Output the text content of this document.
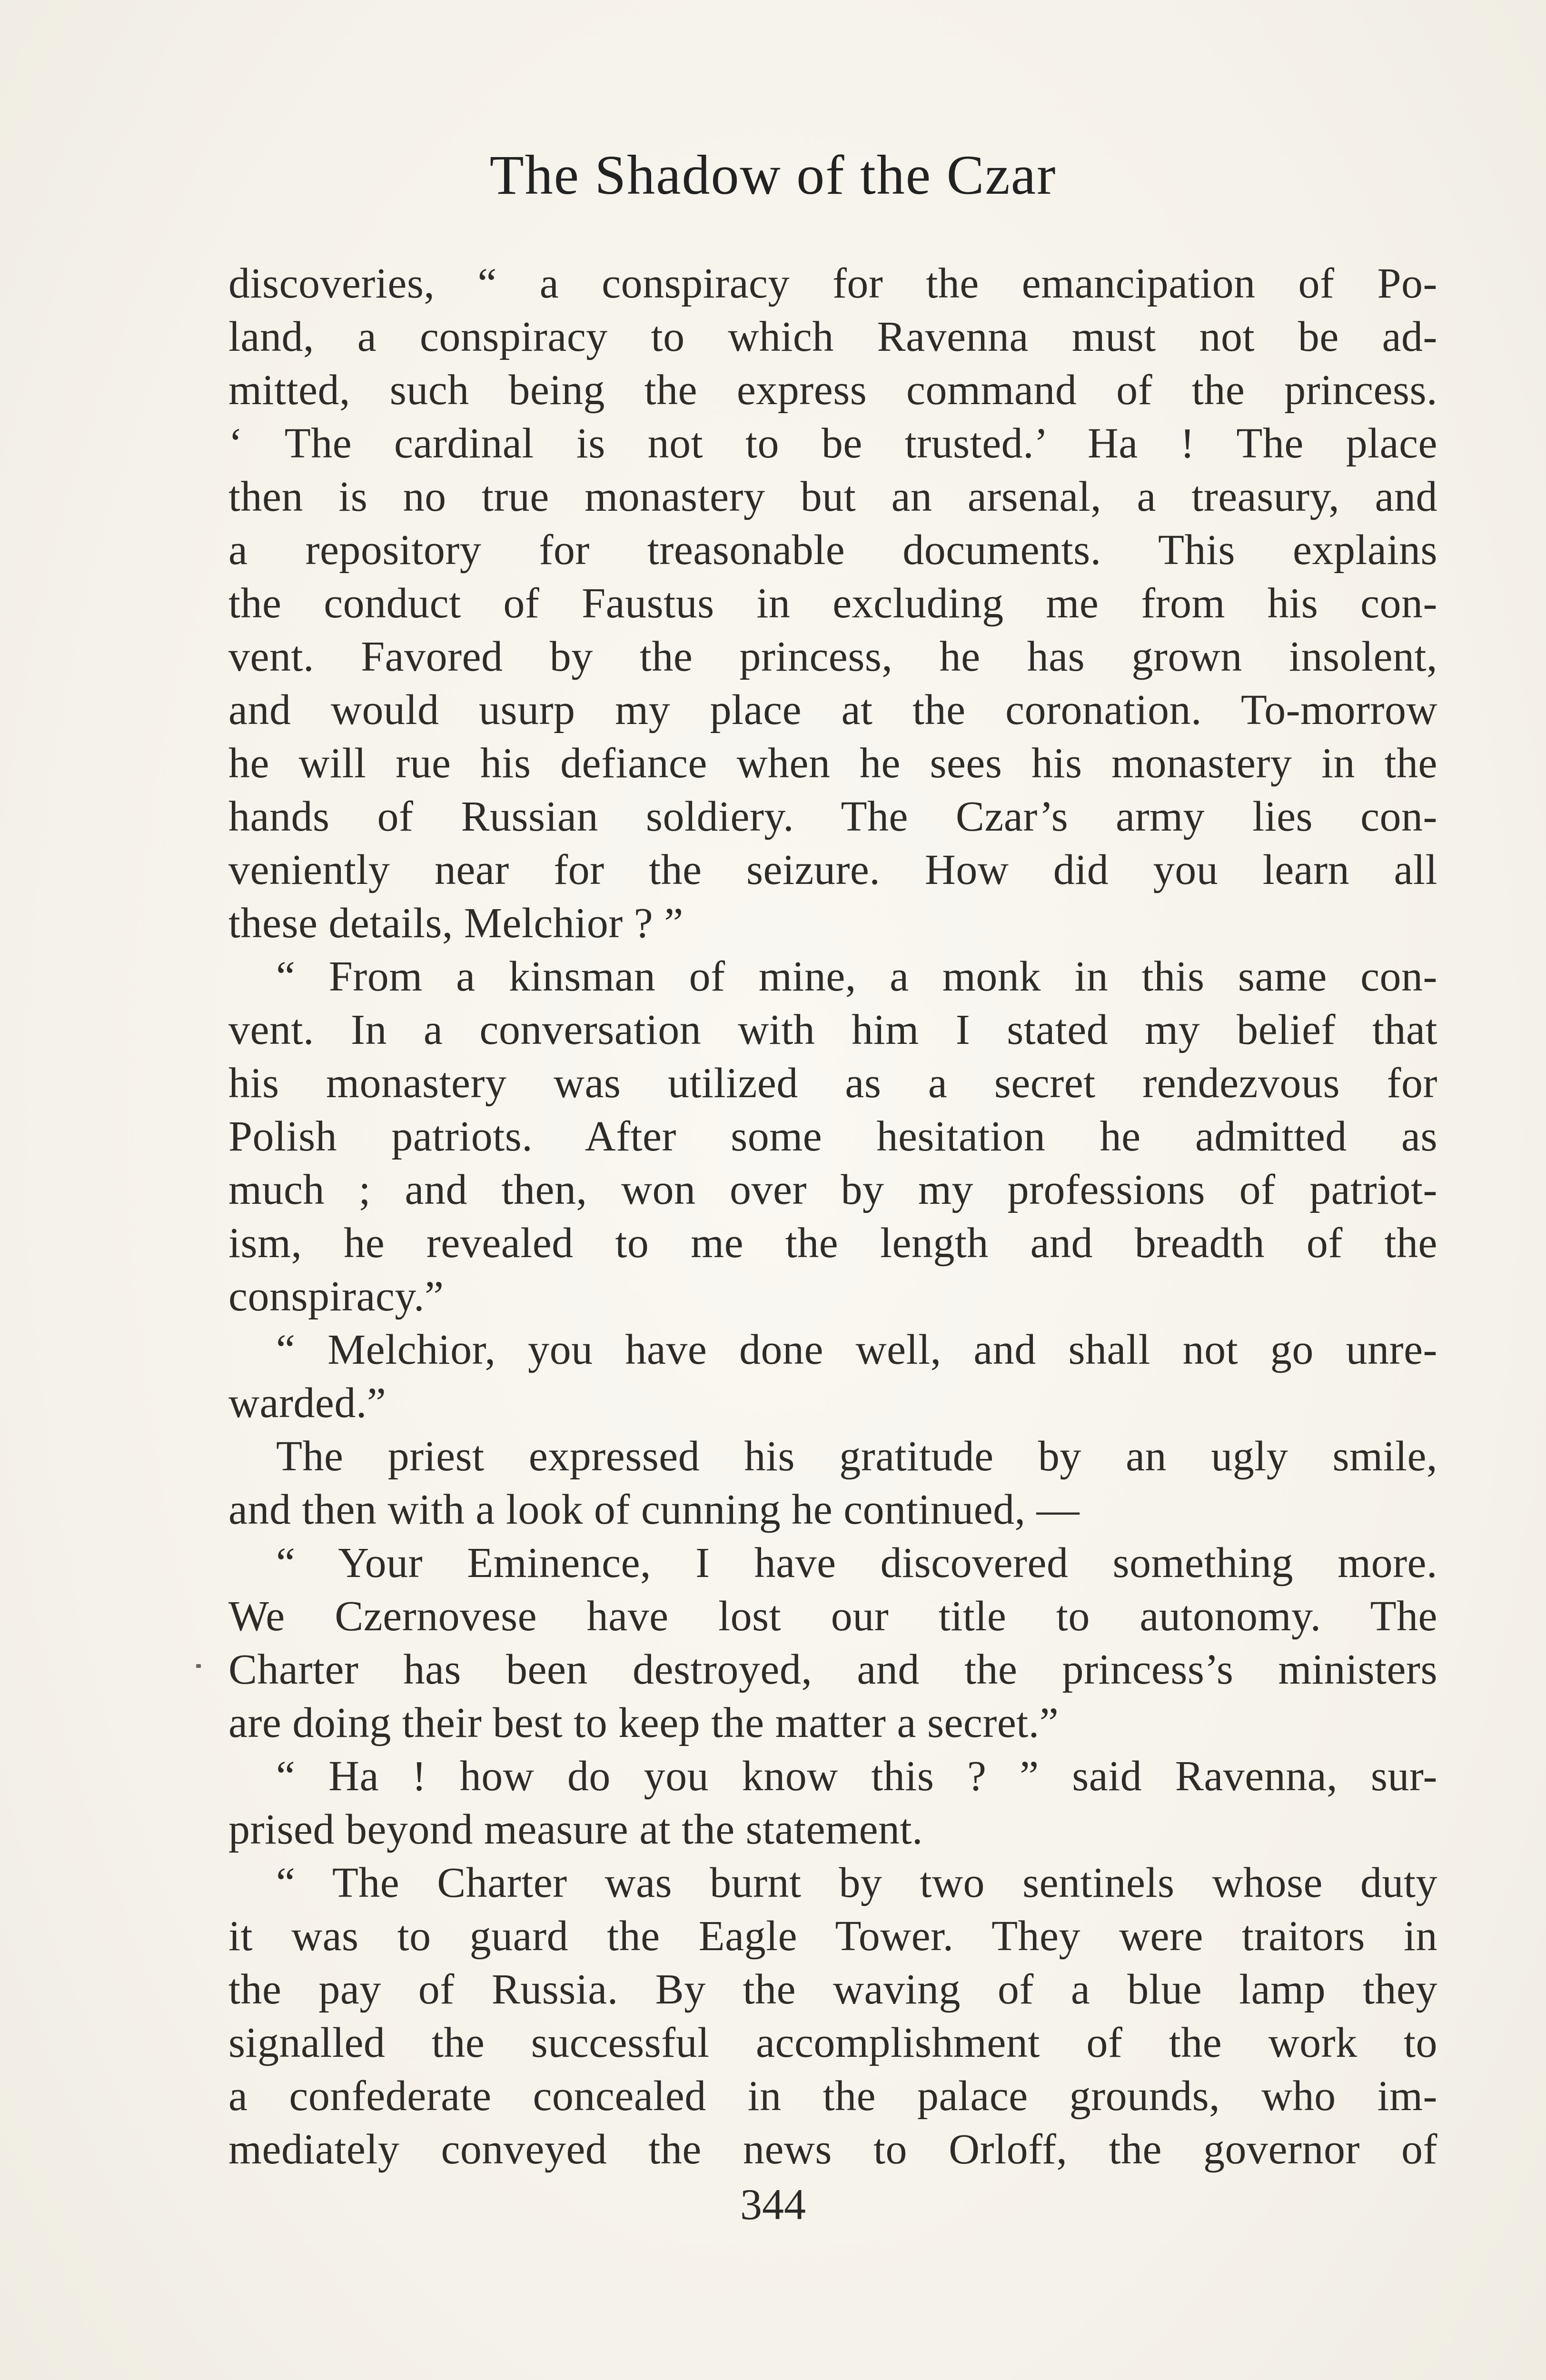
The Shadow of the Czar
discoveries, “ a conspiracy for the emancipation of Po-
land, a conspiracy to which Ravenna must not be ad-
mitted, such being the express command of the princess.
‘ The cardinal is not to be trusted.’ Ha ! The place
then is no true monastery but an arsenal, a treasury, and
a repository for treasonable documents. This explains
the conduct of Faustus in excluding me from his con-
vent. Favored by the princess, he has grown insolent,
and would usurp my place at the coronation. To-morrow
he will rue his defiance when he sees his monastery in the
hands of Russian soldiery. The Czar’s army lies con-
veniently near for the seizure. How did you learn all
these details, Melchior ? ”
“ From a kinsman of mine, a monk in this same con-
vent. In a conversation with him I stated my belief that
his monastery was utilized as a secret rendezvous for
Polish patriots. After some hesitation he admitted as
much ; and then, won over by my professions of patriot-
ism, he revealed to me the length and breadth of the
conspiracy.”
“ Melchior, you have done well, and shall not go unre-
warded.”
The priest expressed his gratitude by an ugly smile,
and then with a look of cunning he continued, —
“ Your Eminence, I have discovered something more.
We Czernovese have lost our title to autonomy. The
Charter has been destroyed, and the princess’s ministers
are doing their best to keep the matter a secret.”
“ Ha ! how do you know this ? ” said Ravenna, sur-
prised beyond measure at the statement.
“ The Charter was burnt by two sentinels whose duty
it was to guard the Eagle Tower. They were traitors in
the pay of Russia. By the waving of a blue lamp they
signalled the successful accomplishment of the work to
a confederate concealed in the palace grounds, who im-
mediately conveyed the news to Orloff, the governor of
344
